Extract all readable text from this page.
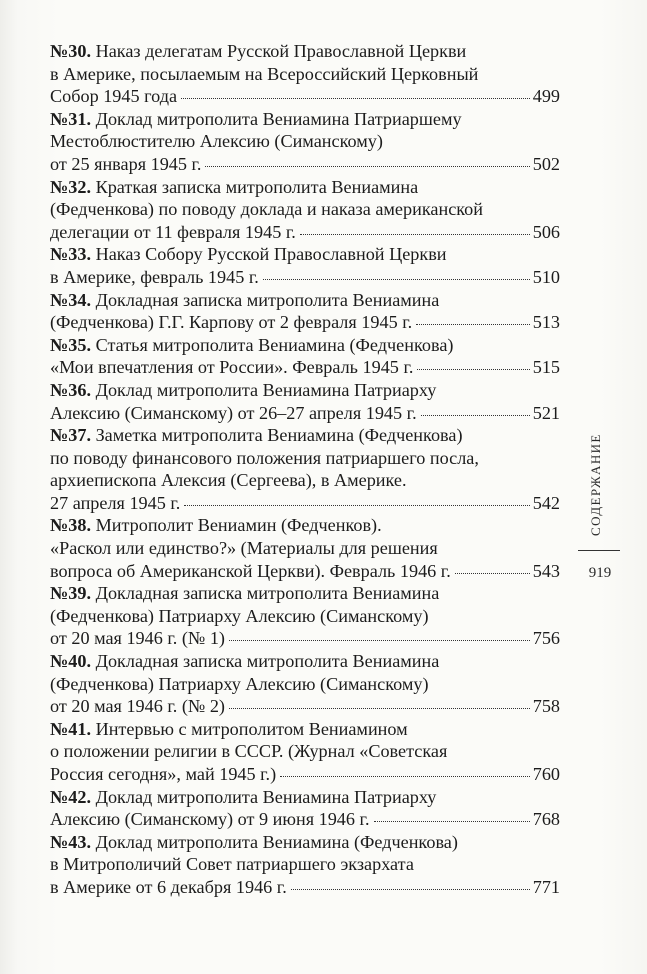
№30. Наказ делегатам Русской Православной Церкви
в Америке, посылаемым на Всероссийский Церковный
Собор 1945 года	499
№31. Доклад митрополита Вениамина Патриаршему
Местоблюстителю Алексию (Симанскому)
от 25 января 1945 г.	502
№32. Краткая записка митрополита Вениамина
(Федченкова) по поводу доклада и наказа американской
делегации от 11 февраля 1945 г.	506
№33. Наказ Собору Русской Православной Церкви
в Америке, февраль 1945 г.	510
№34. Докладная записка митрополита Вениамина
(Федченкова) Г.Г. Карпову от 2 февраля 1945 г.	513
№35. Статья митрополита Вениамина (Федченкова)
«Мои впечатления от России». Февраль 1945 г.	515
№36. Доклад митрополита Вениамина Патриарху
Алексию (Симанскому) от 26–27 апреля 1945 г.	521
№37. Заметка митрополита Вениамина (Федченкова)
по поводу финансового положения патриаршего посла,
архиепископа Алексия (Сергеева), в Америке.
27 апреля 1945 г.	542
№38. Митрополит Вениамин (Федченков).
«Раскол или единство?» (Материалы для решения
вопроса об Американской Церкви). Февраль 1946 г.	543
№39. Докладная записка митрополита Вениамина
(Федченкова) Патриарху Алексию (Симанскому)
от 20 мая 1946 г. (№ 1)	756
№40. Докладная записка митрополита Вениамина
(Федченкова) Патриарху Алексию (Симанскому)
от 20 мая 1946 г. (№ 2)	758
№41. Интервью с митрополитом Вениамином
о положении религии в СССР. (Журнал «Советская
Россия сегодня», май 1945 г.)	760
№42. Доклад митрополита Вениамина Патриарху
Алексию (Симанскому) от 9 июня 1946 г.	768
№43. Доклад митрополита Вениамина (Федченкова)
в Митрополичий Совет патриаршего экзархата
в Америке от 6 декабря 1946 г.	771
СОДЕРЖАНИЕ
919
